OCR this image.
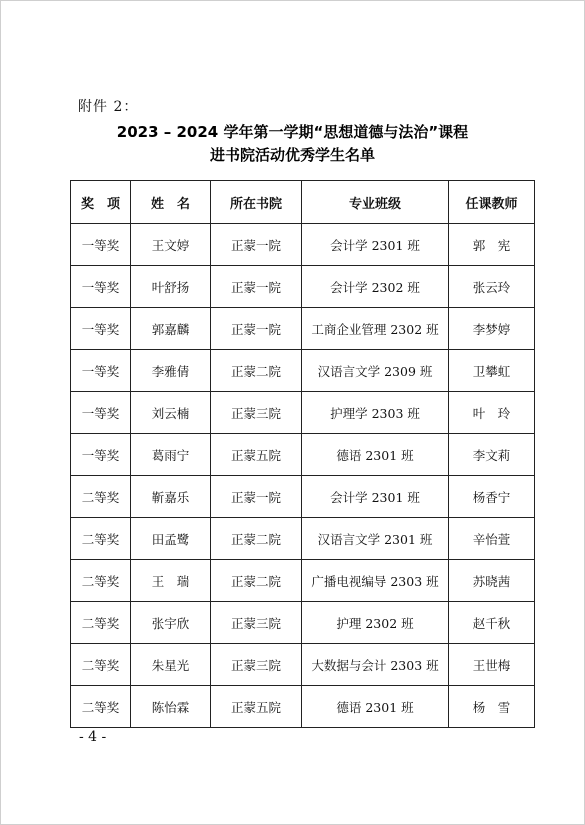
附件 2：
2023 – 2024 学年第一学期“思想道德与法治”课程
进书院活动优秀学生名单
奖　项	姓　名	所在书院	专业班级	任课教师
一等奖	王文婷	正蒙一院	会计学 2301 班	郭　宪
一等奖	叶舒扬	正蒙一院	会计学 2302 班	张云玲
一等奖	郭嘉麟	正蒙一院	工商企业管理 2302 班	李梦婷
一等奖	李雅倩	正蒙二院	汉语言文学 2309 班	卫攀虹
一等奖	刘云楠	正蒙三院	护理学 2303 班	叶　玲
一等奖	葛雨宁	正蒙五院	德语 2301 班	李文莉
二等奖	靳嘉乐	正蒙一院	会计学 2301 班	杨香宁
二等奖	田孟鹭	正蒙二院	汉语言文学 2301 班	辛怡萱
二等奖	王　瑞	正蒙二院	广播电视编导 2303 班	苏晓茜
二等奖	张宇欣	正蒙三院	护理 2302 班	赵千秋
二等奖	朱星光	正蒙三院	大数据与会计 2303 班	王世梅
二等奖	陈怡霖	正蒙五院	德语 2301 班	杨　雪
- 4 -
